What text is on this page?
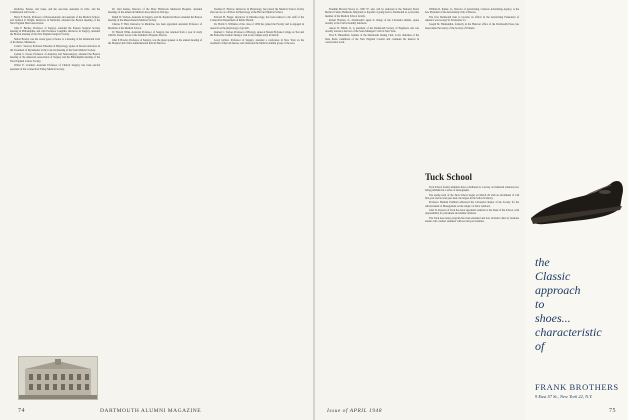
medicine, Fessler, and Jones, and the associate assistants in 1921, and the Commission will be the ...

Harry F. Fetsch, Professor of Neuroanatomy and assistant of the Medical School, and Jackson P. Wright, Instructor in Medicine, attended the Boston meeting of the New England Heart Association.

John F. Becker, Professor of Surgery, attended the Eastern Surgical Society meeting in Philadelphia, and with Professor Laughlin, Instructor in Surgery, attended the Boston meeting of the New England Surgical Society.

Simon Bowler was the recent guest of honor at a meeting of the Dartmouth Club of Rochester, Minnesota.

Colin C. Stewart, Professor Emeritus of Physiology, spoke on 'Recent Advances in the Treatment of Myasthenia' at the Concord meeting of the State Medical Society.

Lyman S. Sweet, Professor of Anatomy and Neurosurgery, attended the Boston meeting of the American Association of Surgery and the Philadelphia meeting of the New England Cancer Society.

Walter E. Crandall, Assistant Professor of Clinical Surgery, has been elected president of the Connecticut Valley Medical Society.

Dr. Orel Kanter, Director of the Mary Hitchcock Memorial Hospital, attended meetings of the American Medical Association in Chicago.

Ralph W. Vachon, Assistant in Surgery, and Dr. Raymond Moore attended the Boston meeting of the Massachusetts Medical Society.

Charles F. Hall, Instructor in Medicine, has been appointed Assistant Professor of Medicine at the Medical School.

W. Harold Wilks, Assistant Professor of Surgery, has returned from a year of study with Dr. Robert Gross at the Children's Hospital, Boston.

John P. Bowler, Professor of Surgery, was the guest speaker at the annual meeting of the Hospital and Clinic Administration held in Hanover.

Norman E. Harlow, Instructor in Physiology, has joined the Medical School faculty after service as a Fellow in Physiology at the Harvard Medical School.

Edward H. Fieger, Instructor in Pharmacology, has been named to the staff of the Connecticut Department of Public Health.

Dr. Hollis S. Williams of the class of 1936 has joined the Faculty and is engaged in research on the physiology of growth.

Reuben C. Tucker, Professor of Biology, spoke at Mount Holyoke College on 'Sex and the Endocrine Glands' during a visit to the campus early in March.

Leroy Gilbert, Professor of Surgery, attended a conference in New York on the treatment of thyroid disease, and addressed the Medical Alumni group of the area.

74	DARTMOUTH ALUMNI MAGAZINE

Franklin Howard Wood, Jr., MD '37, who will be stationed at the National Naval Medical Center, Bethesda, Maryland, is hopeful of going back to Dartmouth as a part-time member of the Medical School faculty.

Robert Hayden, Jr., Dartmouth's agent in charge of the Cleveland alumni, spoke recently at the Club's monthly luncheon.

Anson W. Smith, Jr., is president of the Dartmouth Society of Engineers and was recently elected a director of the Sales Managers' Club in New York.

Fred E. Butterfield, founder of the Dartmouth Outing Club, is the chairman of the State Parks committee of the New England Council and continues his interest in conservation work.

William R. Parker, Jr., Director of Advertising, Carleton Advertising Agency, is the new President of the Advertising Club of Boston.

The first Dartmouth man to become an officer in the Advertising Federation of America was George W. Fredericks '21.

Joseph M. Blumenthal, formerly in the Hanover office of the Dartmouth Press, has been named Secretary of the Society of Printers.

Tuck School

Tuck School faculty members have contributed to a survey on industrial relations now being published in a series of monographs.

The spring term of the Tuck School began on March 29 with an enrollment of 146 first-year and second-year men, the largest in the School's history.

Professor Herman Feldman addressed the Cleveland chapter of the Society for the Advancement of Management on the subject of labor relations.

John W. Pearson of Tuck has been appointed assistant to the Dean of the School, with responsibility for placement and alumni relations.

The Tuck Associates program has been extended and now includes visits by business leaders who conduct seminars with second-year students.

the
Classic
approach
to
shoes...
characteristic
of
FRANK BROTHERS
9 East 57 St., New York 22, N.Y.
Issue of APRIL 1948	75
